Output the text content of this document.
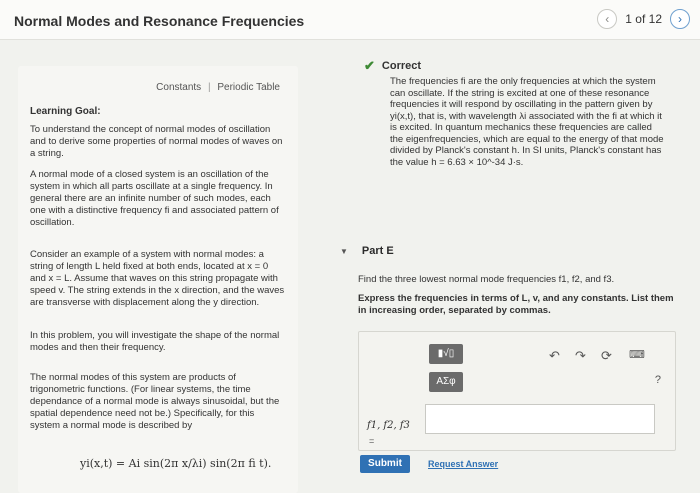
Normal Modes and Resonance Frequencies	‹	1 of 12	›
Constants | Periodic Table
Learning Goal:
To understand the concept of normal modes of oscillation and to derive some properties of normal modes of waves on a string.
A normal mode of a closed system is an oscillation of the system in which all parts oscillate at a single frequency. In general there are an infinite number of such modes, each one with a distinctive frequency fi and associated pattern of oscillation.
Consider an example of a system with normal modes: a string of length L held fixed at both ends, located at x = 0 and x = L. Assume that waves on this string propagate with speed v. The string extends in the x direction, and the waves are transverse with displacement along the y direction.
In this problem, you will investigate the shape of the normal modes and then their frequency.
The normal modes of this system are products of trigonometric functions. (For linear systems, the time dependance of a normal mode is always sinusoidal, but the spatial dependence need not be.) Specifically, for this system a normal mode is described by
yi(x,t) = Ai sin(2π x/λi) sin(2π fi t).
✔ Correct
The frequencies fi are the only frequencies at which the system can oscillate. If the string is excited at one of these resonance frequencies it will respond by oscillating in the pattern given by yi(x,t), that is, with wavelength λi associated with the fi at which it is excited. In quantum mechanics these frequencies are called the eigenfrequencies, which are equal to the energy of that mode divided by Planck's constant h. In SI units, Planck's constant has the value h = 6.63 × 10^-34 J·s.
▼ Part E
Find the three lowest normal mode frequencies f1, f2, and f3.
Express the frequencies in terms of L, v, and any constants. List them in increasing order, separated by commas.
▮√▯
ΑΣφ
↶ ↷ ⟳ ⌨
?
f1, f2, f3
=
Submit	Request Answer
